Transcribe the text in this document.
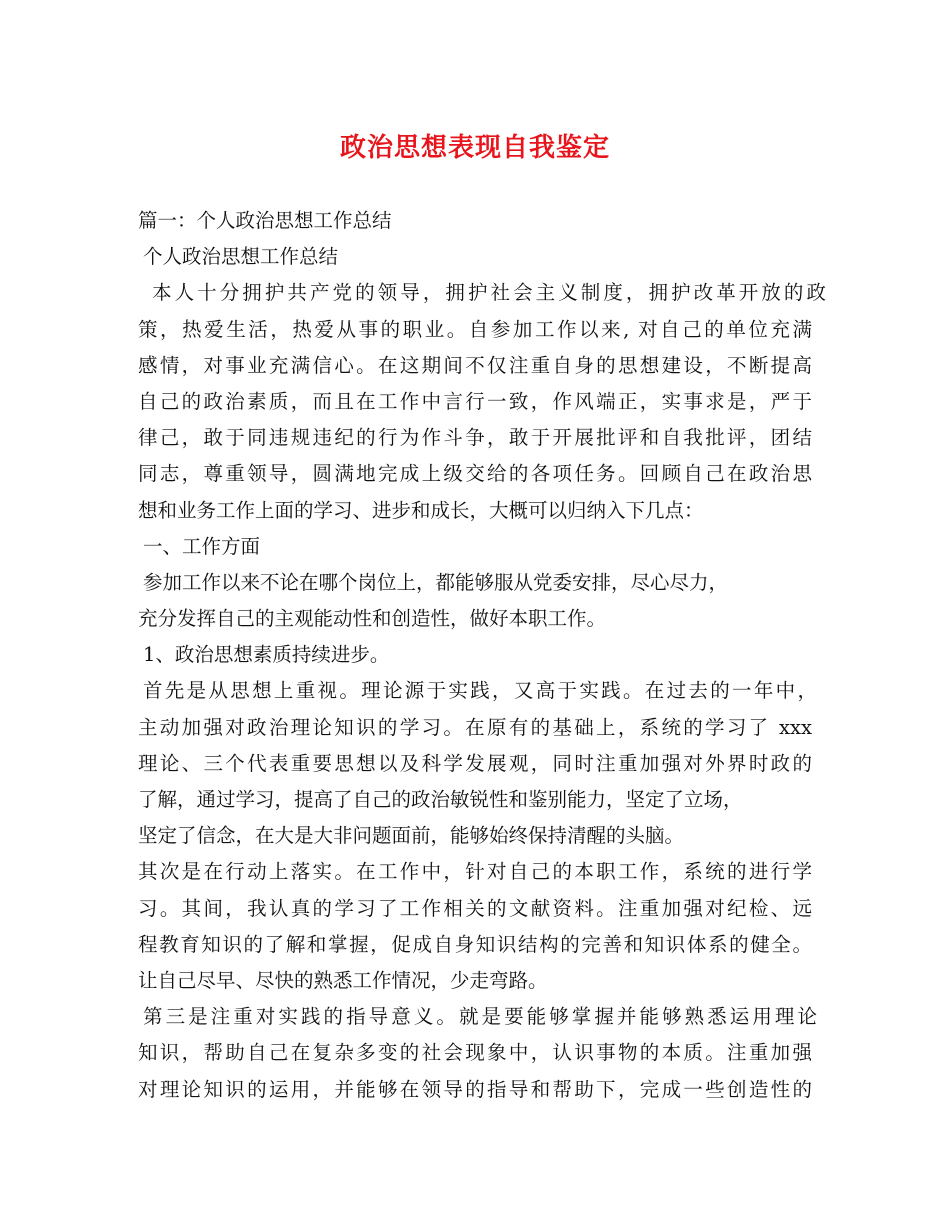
政治思想表现自我鉴定
篇一：个人政治思想工作总结
个人政治思想工作总结
本人十分拥护共产党的领导，拥护社会主义制度，拥护改革开放的政
策，热爱生活，热爱从事的职业。自参加工作以来, 对自己的单位充满
感情，对事业充满信心。在这期间不仅注重自身的思想建设，不断提高
自己的政治素质，而且在工作中言行一致，作风端正，实事求是，严于
律己，敢于同违规违纪的行为作斗争，敢于开展批评和自我批评，团结
同志，尊重领导，圆满地完成上级交给的各项任务。回顾自己在政治思
想和业务工作上面的学习、进步和成长，大概可以归纳入下几点：
一、工作方面
参加工作以来不论在哪个岗位上，都能够服从党委安排，尽心尽力，
充分发挥自己的主观能动性和创造性，做好本职工作。
1、政治思想素质持续进步。
首先是从思想上重视。理论源于实践，又高于实践。在过去的一年中，
主动加强对政治理论知识的学习。在原有的基础上，系统的学习了 xxx
理论、三个代表重要思想以及科学发展观，同时注重加强对外界时政的
了解，通过学习，提高了自己的政治敏锐性和鉴别能力，坚定了立场，
坚定了信念，在大是大非问题面前，能够始终保持清醒的头脑。
其次是在行动上落实。在工作中，针对自己的本职工作，系统的进行学
习。其间，我认真的学习了工作相关的文献资料。注重加强对纪检、远
程教育知识的了解和掌握，促成自身知识结构的完善和知识体系的健全。
让自己尽早、尽快的熟悉工作情况，少走弯路。
第三是注重对实践的指导意义。就是要能够掌握并能够熟悉运用理论
知识，帮助自己在复杂多变的社会现象中，认识事物的本质。注重加强
对理论知识的运用，并能够在领导的指导和帮助下，完成一些创造性的
